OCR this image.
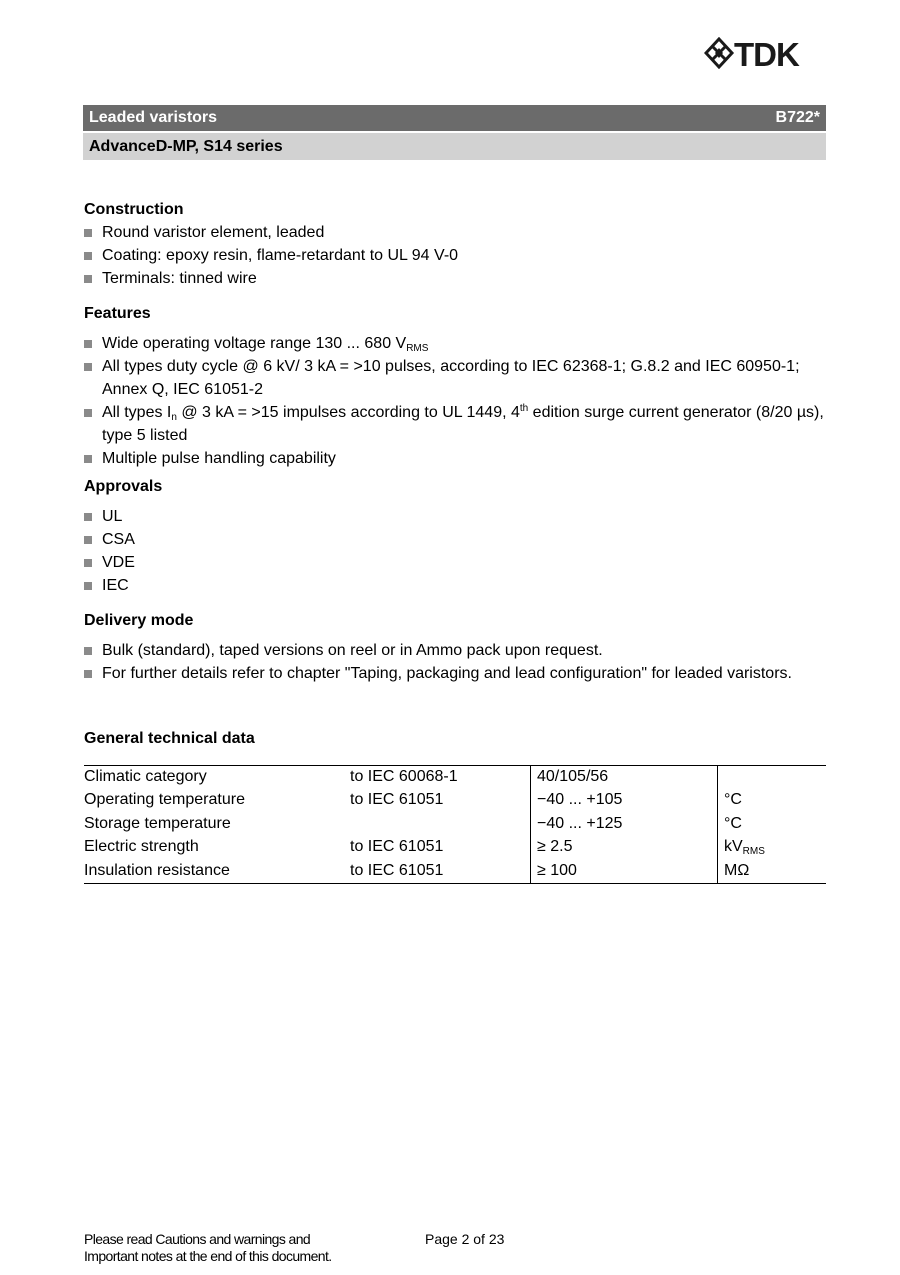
TDK
Leaded varistors	B722*
AdvanceD-MP, S14 series

Construction

Round varistor element, leaded
Coating: epoxy resin, flame-retardant to UL 94 V-0
Terminals: tinned wire

Features

Wide operating voltage range 130 ... 680 $V_{RMS}$
All types duty cycle @ 6 kV/ 3 kA = >10 pulses, according to IEC 62368-1; G.8.2 and IEC 60950-1; Annex Q, IEC 61051-2
All types $I_n$ @ 3 kA = >15 impulses according to UL 1449, 4th edition surge current generator (8/20 µs), type 5 listed
Multiple pulse handling capability

Approvals

UL
CSA
VDE
IEC

Delivery mode

Bulk (standard), taped versions on reel or in Ammo pack upon request.
For further details refer to chapter "Taping, packaging and lead configuration" for leaded varistors.

General technical data

Climatic category	to IEC 60068-1	40/105/56	
Operating temperature	to IEC 61051	−40 ... +105	°C
Storage temperature		−40 ... +125	°C
Electric strength	to IEC 61051	≥ 2.5	$kV_{RMS}$
Insulation resistance	to IEC 61051	≥ 100	MΩ
Please read Cautions and warnings and
Important notes at the end of this document.
Page 2 of 23
